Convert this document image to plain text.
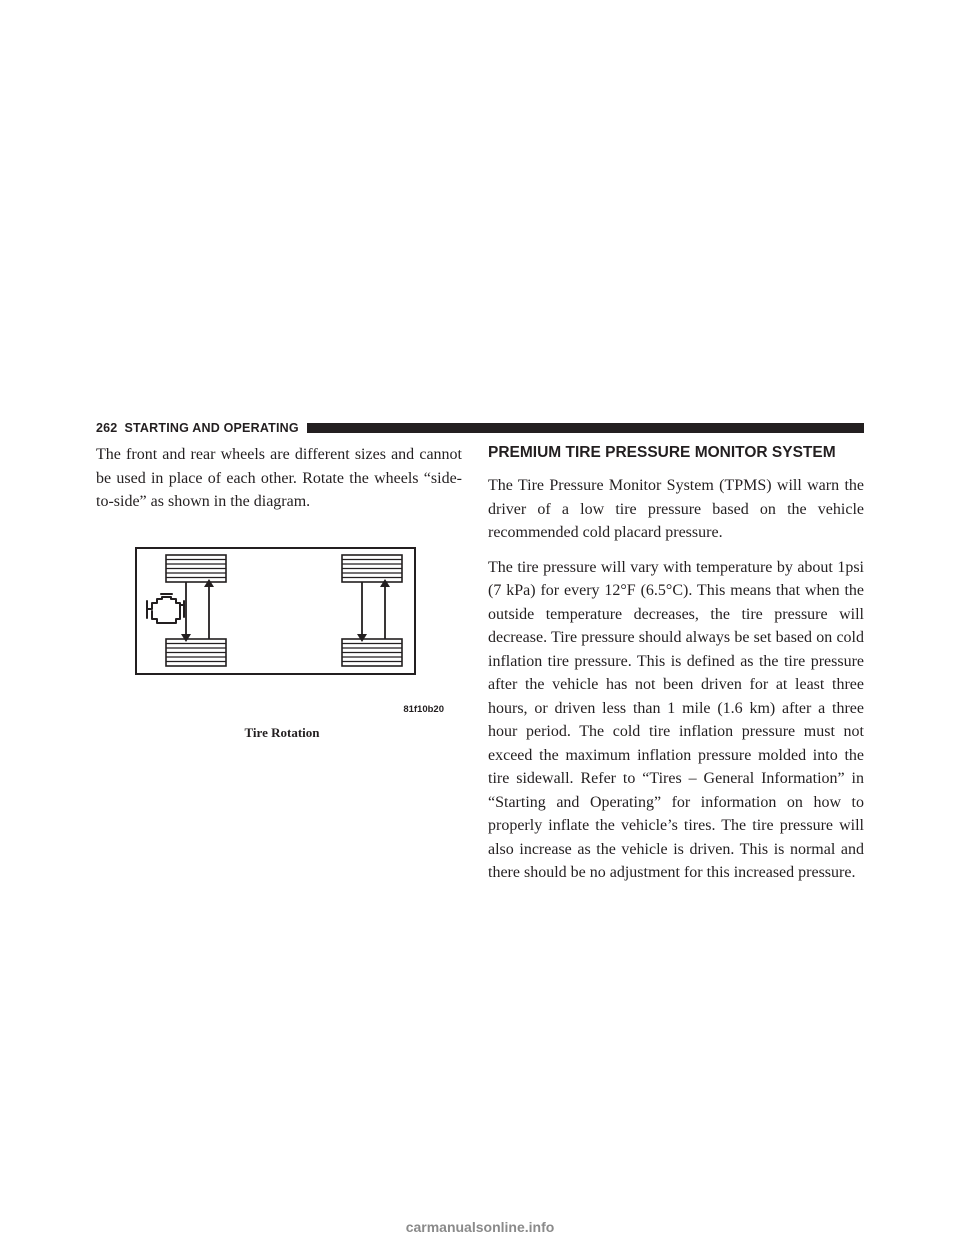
262 STARTING AND OPERATING

The front and rear wheels are different sizes and cannot be used in place of each other. Rotate the wheels “side-to-side” as shown in the diagram.

81f10b20
Tire Rotation
PREMIUM TIRE PRESSURE MONITOR SYSTEM

The Tire Pressure Monitor System (TPMS) will warn the driver of a low tire pressure based on the vehicle recommended cold placard pressure.

The tire pressure will vary with temperature by about 1psi (7 kPa) for every 12°F (6.5°C). This means that when the outside temperature decreases, the tire pressure will decrease. Tire pressure should always be set based on cold inflation tire pressure. This is defined as the tire pressure after the vehicle has not been driven for at least three hours, or driven less than 1 mile (1.6 km) after a three hour period. The cold tire inflation pressure must not exceed the maximum inflation pressure molded into the tire sidewall. Refer to “Tires – General Information” in “Starting and Operating” for information on how to properly inflate the vehicle’s tires. The tire pressure will also increase as the vehicle is driven. This is normal and there should be no adjustment for this increased pressure.

carmanualsonline.info
